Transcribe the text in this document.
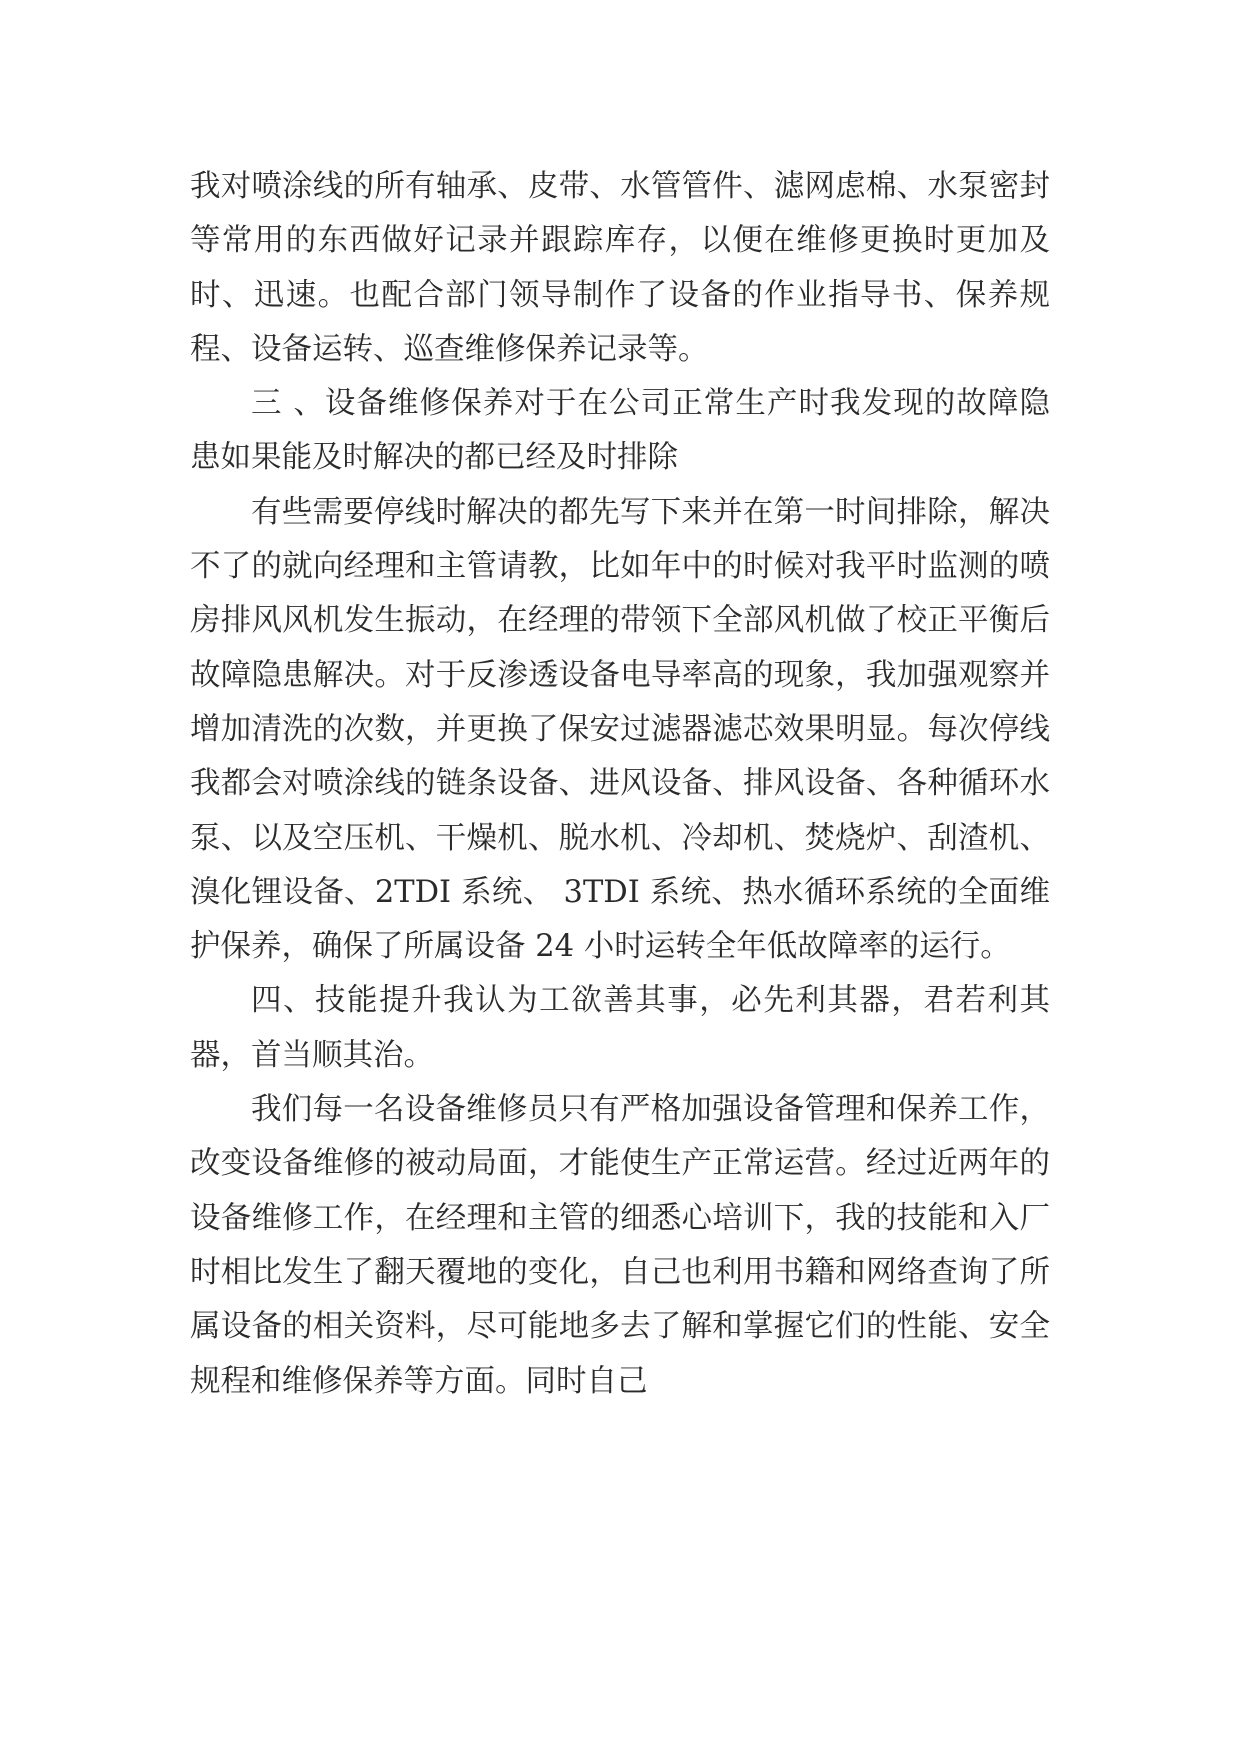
我对喷涂线的所有轴承、皮带、水管管件、滤网虑棉、水泵密封等常用的东西做好记录并跟踪库存，以便在维修更换时更加及时、迅速。也配合部门领导制作了设备的作业指导书、保养规程、设备运转、巡查维修保养记录等。

三 、设备维修保养对于在公司正常生产时我发现的故障隐患如果能及时解决的都已经及时排除

有些需要停线时解决的都先写下来并在第一时间排除，解决不了的就向经理和主管请教，比如年中的时候对我平时监测的喷房排风风机发生振动，在经理的带领下全部风机做了校正平衡后故障隐患解决。对于反渗透设备电导率高的现象，我加强观察并增加清洗的次数，并更换了保安过滤器滤芯效果明显。每次停线我都会对喷涂线的链条设备、进风设备、排风设备、各种循环水泵、以及空压机、干燥机、脱水机、冷却机、焚烧炉、刮渣机、溴化锂设备、2TDI 系统、 3TDI 系统、热水循环系统的全面维护保养，确保了所属设备 24 小时运转全年低故障率的运行。

四、技能提升我认为工欲善其事，必先利其器，君若利其器，首当顺其治。

我们每一名设备维修员只有严格加强设备管理和保养工作，改变设备维修的被动局面，才能使生产正常运营。经过近两年的设备维修工作，在经理和主管的细悉心培训下，我的技能和入厂时相比发生了翻天覆地的变化，自己也利用书籍和网络查询了所属设备的相关资料，尽可能地多去了解和掌握它们的性能、安全规程和维修保养等方面。同时自己
